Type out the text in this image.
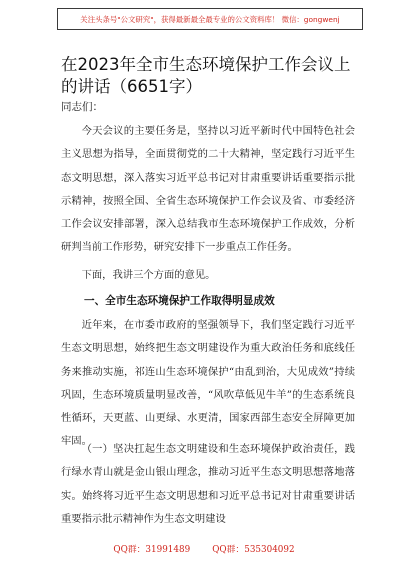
关注头条号"公文研究"，获得最新最全最专业的公文资料库！ 微信：gongwenj
在2023年全市生态环境保护工作会议上的讲话（6651字）
同志们：

今天会议的主要任务是，坚持以习近平新时代中国特色社会主义思想为指导，全面贯彻党的二十大精神，坚定践行习近平生态文明思想，深入落实习近平总书记对甘肃重要讲话重要指示批示精神，按照全国、全省生态环境保护工作会议及省、市委经济工作会议安排部署，深入总结我市生态环境保护工作成效，分析研判当前工作形势，研究安排下一步重点工作任务。

下面，我讲三个方面的意见。

一、全市生态环境保护工作取得明显成效

近年来，在市委市政府的坚强领导下，我们坚定践行习近平生态文明思想，始终把生态文明建设作为重大政治任务和底线任务来推动实施，祁连山生态环境保护“由乱到治，大见成效”持续巩固，生态环境质量明显改善，“风吹草低见牛羊”的生态系统良性循环，天更蓝、山更绿、水更清，国家西部生态安全屏障更加牢固。

（一）坚决扛起生态文明建设和生态环境保护政治责任，践行绿水青山就是金山银山理念，推动习近平生态文明思想落地落实。始终将习近平生态文明思想和习近平总书记对甘肃重要讲话重要指示批示精神作为生态文明建设

QQ群：31991489	QQ群：535304092
